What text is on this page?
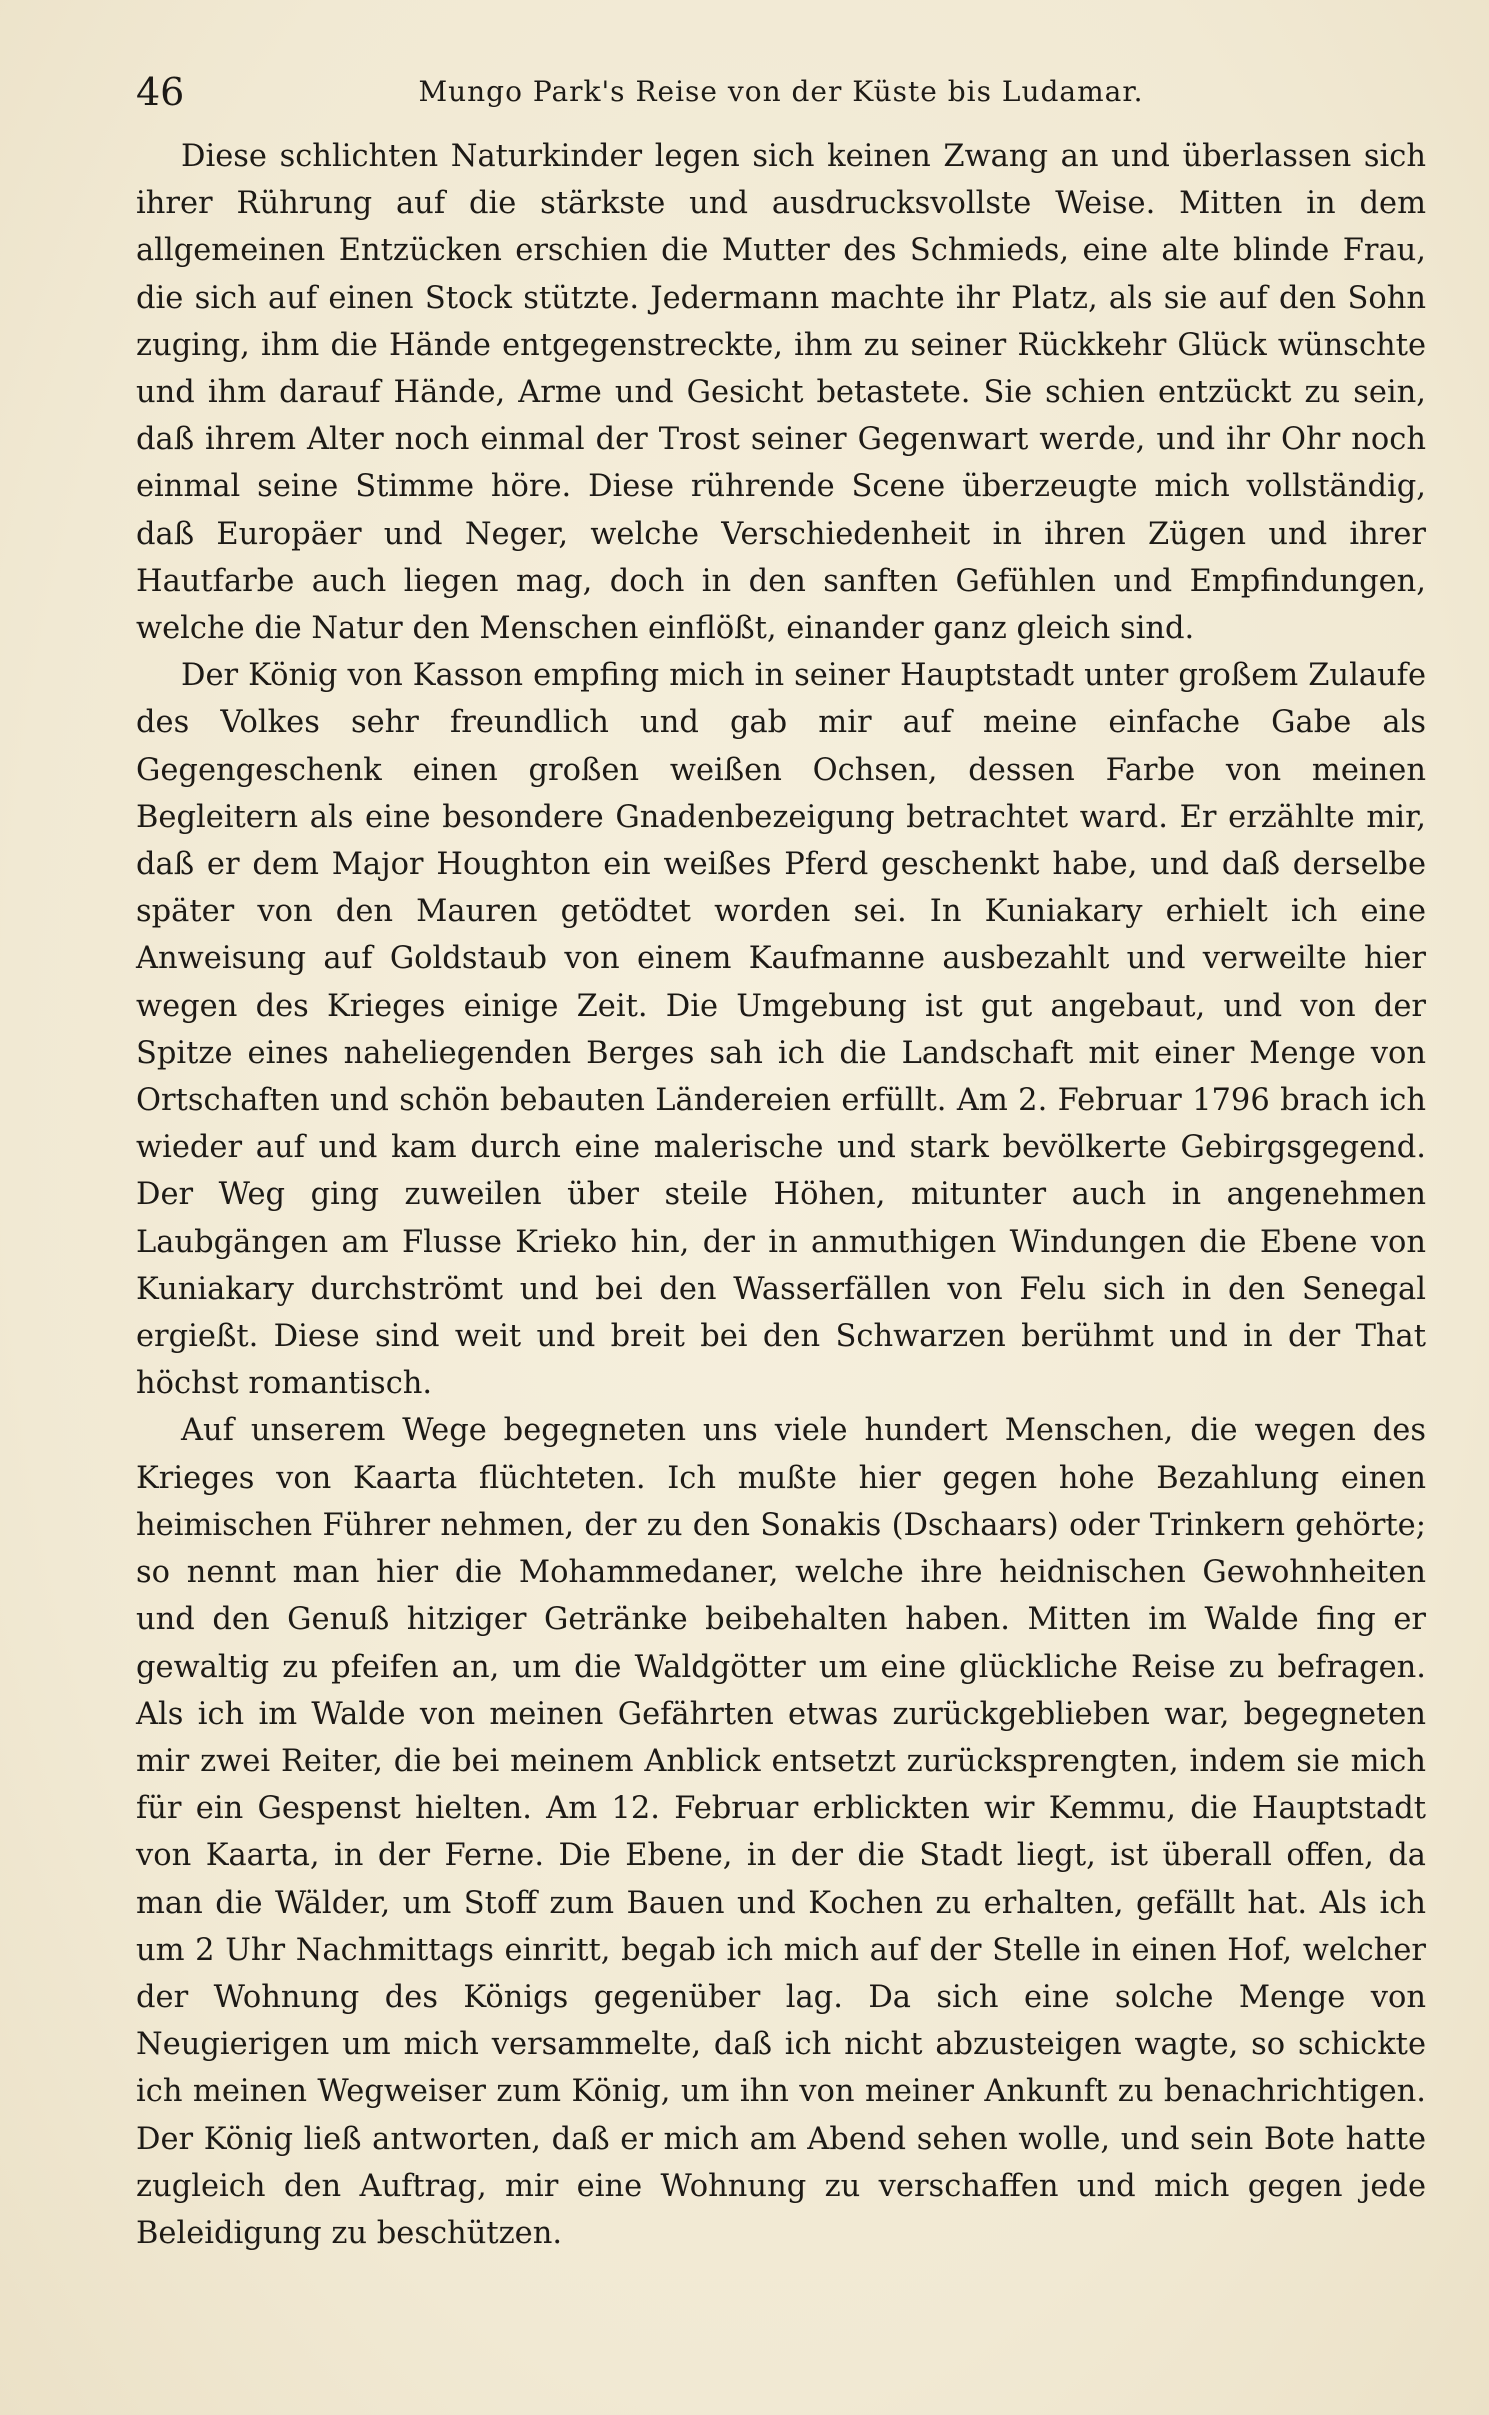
46	Mungo Park's Reise von der Küste bis Ludamar.

Diese schlichten Naturkinder legen sich keinen Zwang an und überlassen sich ihrer Rührung auf die stärkste und ausdrucksvollste Weise. Mitten in dem allgemeinen Entzücken erschien die Mutter des Schmieds, eine alte blinde Frau, die sich auf einen Stock stützte. Jedermann machte ihr Platz, als sie auf den Sohn zuging, ihm die Hände entgegenstreckte, ihm zu seiner Rückkehr Glück wünschte und ihm darauf Hände, Arme und Gesicht betastete. Sie schien entzückt zu sein, daß ihrem Alter noch einmal der Trost seiner Gegenwart werde, und ihr Ohr noch einmal seine Stimme höre. Diese rührende Scene überzeugte mich vollständig, daß Europäer und Neger, welche Verschiedenheit in ihren Zügen und ihrer Hautfarbe auch liegen mag, doch in den sanften Gefühlen und Empfindungen, welche die Natur den Menschen einflößt, einander ganz gleich sind.

Der König von Kasson empfing mich in seiner Hauptstadt unter großem Zulaufe des Volkes sehr freundlich und gab mir auf meine einfache Gabe als Gegengeschenk einen großen weißen Ochsen, dessen Farbe von meinen Begleitern als eine besondere Gnadenbezeigung betrachtet ward. Er erzählte mir, daß er dem Major Houghton ein weißes Pferd geschenkt habe, und daß derselbe später von den Mauren getödtet worden sei. In Kuniakary erhielt ich eine Anweisung auf Goldstaub von einem Kaufmanne ausbezahlt und verweilte hier wegen des Krieges einige Zeit. Die Umgebung ist gut angebaut, und von der Spitze eines naheliegenden Berges sah ich die Landschaft mit einer Menge von Ortschaften und schön bebauten Ländereien erfüllt. Am 2. Februar 1796 brach ich wieder auf und kam durch eine malerische und stark bevölkerte Gebirgsgegend. Der Weg ging zuweilen über steile Höhen, mitunter auch in angenehmen Laubgängen am Flusse Krieko hin, der in anmuthigen Windungen die Ebene von Kuniakary durchströmt und bei den Wasserfällen von Felu sich in den Senegal ergießt. Diese sind weit und breit bei den Schwarzen berühmt und in der That höchst romantisch.

Auf unserem Wege begegneten uns viele hundert Menschen, die wegen des Krieges von Kaarta flüchteten. Ich mußte hier gegen hohe Bezahlung einen heimischen Führer nehmen, der zu den Sonakis (Dschaars) oder Trinkern gehörte; so nennt man hier die Mohammedaner, welche ihre heidnischen Gewohnheiten und den Genuß hitziger Getränke beibehalten haben. Mitten im Walde fing er gewaltig zu pfeifen an, um die Waldgötter um eine glückliche Reise zu befragen. Als ich im Walde von meinen Gefährten etwas zurückgeblieben war, begegneten mir zwei Reiter, die bei meinem Anblick entsetzt zurücksprengten, indem sie mich für ein Gespenst hielten. Am 12. Februar erblickten wir Kemmu, die Hauptstadt von Kaarta, in der Ferne. Die Ebene, in der die Stadt liegt, ist überall offen, da man die Wälder, um Stoff zum Bauen und Kochen zu erhalten, gefällt hat. Als ich um 2 Uhr Nachmittags einritt, begab ich mich auf der Stelle in einen Hof, welcher der Wohnung des Königs gegenüber lag. Da sich eine solche Menge von Neugierigen um mich versammelte, daß ich nicht abzusteigen wagte, so schickte ich meinen Wegweiser zum König, um ihn von meiner Ankunft zu benachrichtigen. Der König ließ antworten, daß er mich am Abend sehen wolle, und sein Bote hatte zugleich den Auftrag, mir eine Wohnung zu verschaffen und mich gegen jede Beleidigung zu beschützen.
